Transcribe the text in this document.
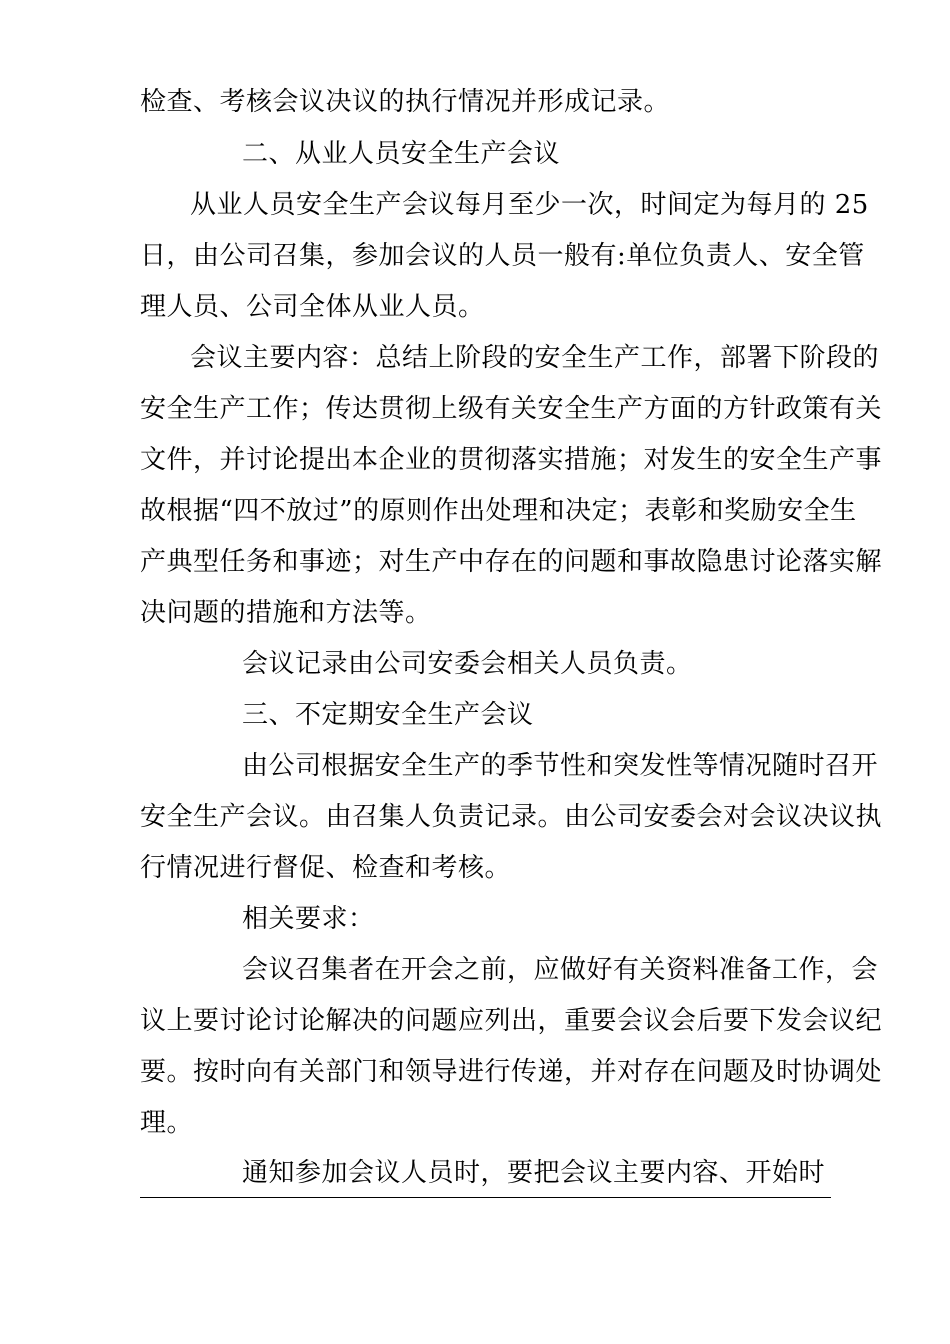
检查、考核会议决议的执行情况并形成记录。
二、从业人员安全生产会议
从业人员安全生产会议每月至少一次，时间定为每月的 25
日，由公司召集，参加会议的人员一般有:单位负责人、安全管
理人员、公司全体从业人员。
会议主要内容：总结上阶段的安全生产工作，部署下阶段的
安全生产工作；传达贯彻上级有关安全生产方面的方针政策有关
文件，并讨论提出本企业的贯彻落实措施；对发生的安全生产事
故根据“四不放过”的原则作出处理和决定；表彰和奖励安全生
产典型任务和事迹；对生产中存在的问题和事故隐患讨论落实解
决问题的措施和方法等。
会议记录由公司安委会相关人员负责。
三、不定期安全生产会议
由公司根据安全生产的季节性和突发性等情况随时召开
安全生产会议。由召集人负责记录。由公司安委会对会议决议执
行情况进行督促、检查和考核。
相关要求：
会议召集者在开会之前，应做好有关资料准备工作，会
议上要讨论讨论解决的问题应列出，重要会议会后要下发会议纪
要。按时向有关部门和领导进行传递，并对存在问题及时协调处
理。
通知参加会议人员时，要把会议主要内容、开始时
